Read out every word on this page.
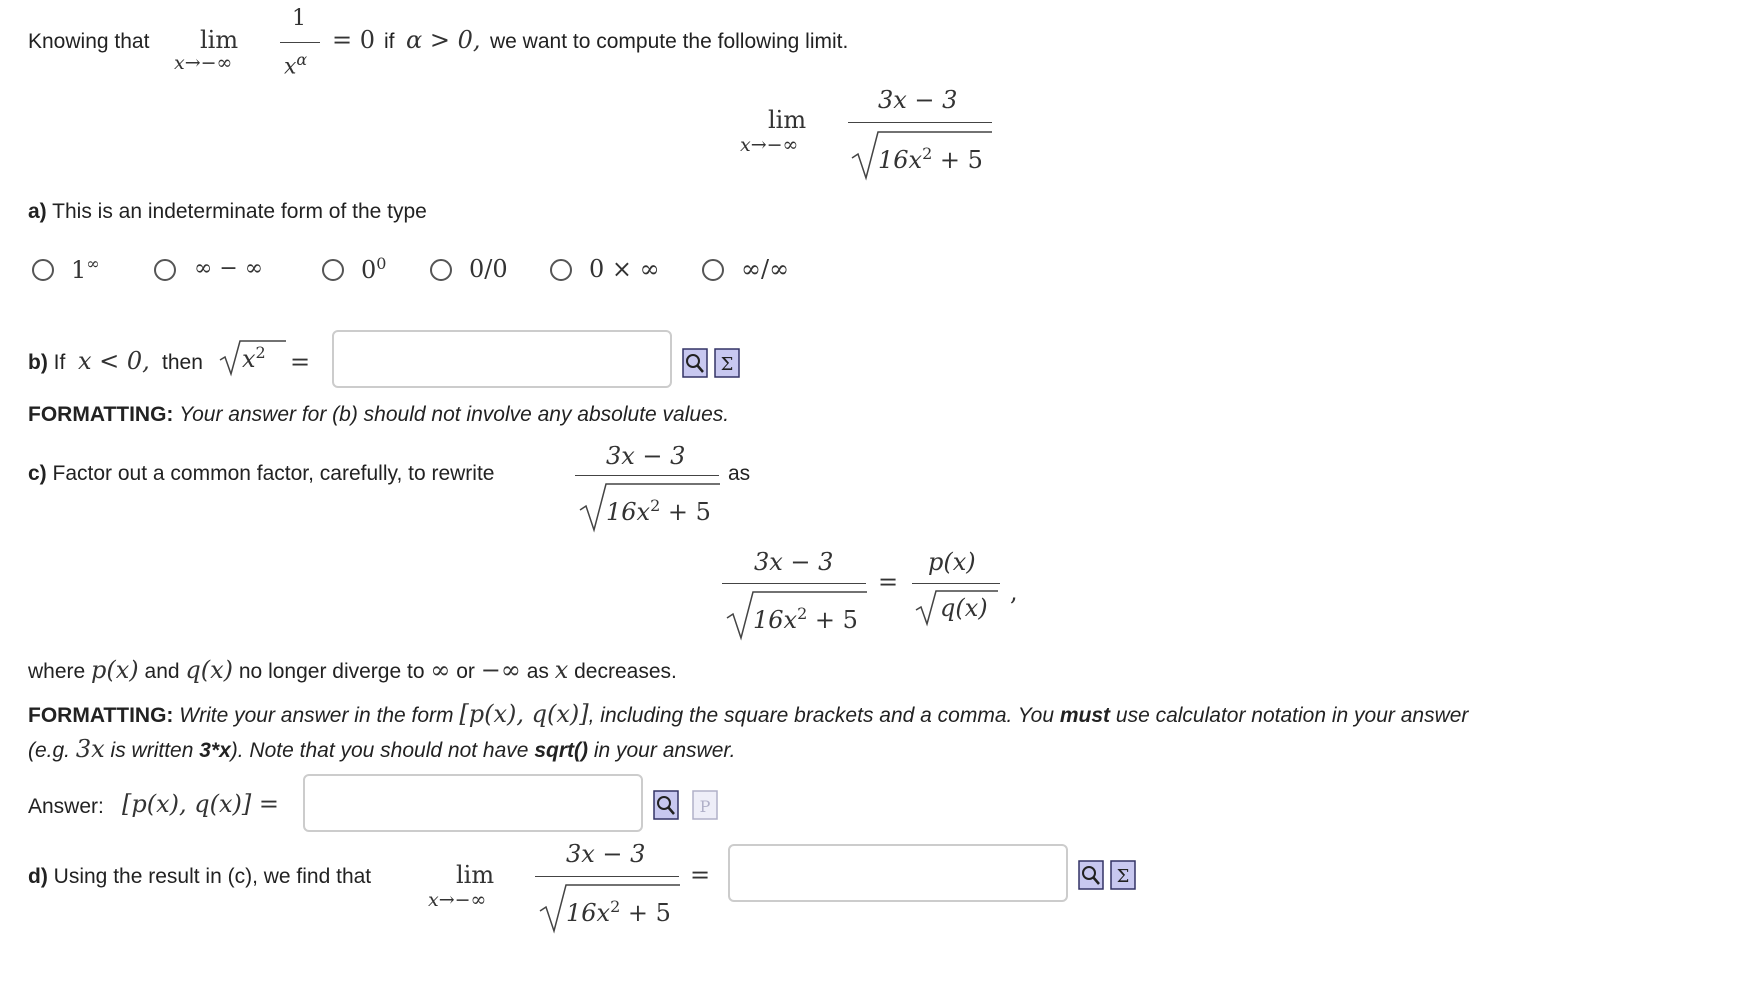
Knowing that lim
x→−∞
1
$x^\alpha$
= 0 if α > 0, we want to compute the following limit.
lim
x→−∞
3x − 3
$16x^2 + 5$
a) This is an indeterminate form of the type
1∞	∞ − ∞	$0^0$	0/0	0 × ∞	∞/∞
b) If x < 0, then $x^2$ =	Σ
FORMATTING: Your answer for (b) should not involve any absolute values.
c) Factor out a common factor, carefully, to rewrite
3x − 3
$16x^2 + 5$
as
3x − 3
$16x^2 + 5$
=
p(x)
q(x)
,
where p(x) and q(x) no longer diverge to ∞ or −∞ as x decreases.
FORMATTING: Write your answer in the form [p(x), q(x)], including the square brackets and a comma. You must use calculator notation in your answer
(e.g. 3x is written 3*x). Note that you should not have sqrt() in your answer.
Answer: [p(x), q(x)] =	P
d) Using the result in (c), we find that	lim
x→−∞
3x − 3
$16x^2 + 5$
=	Σ
